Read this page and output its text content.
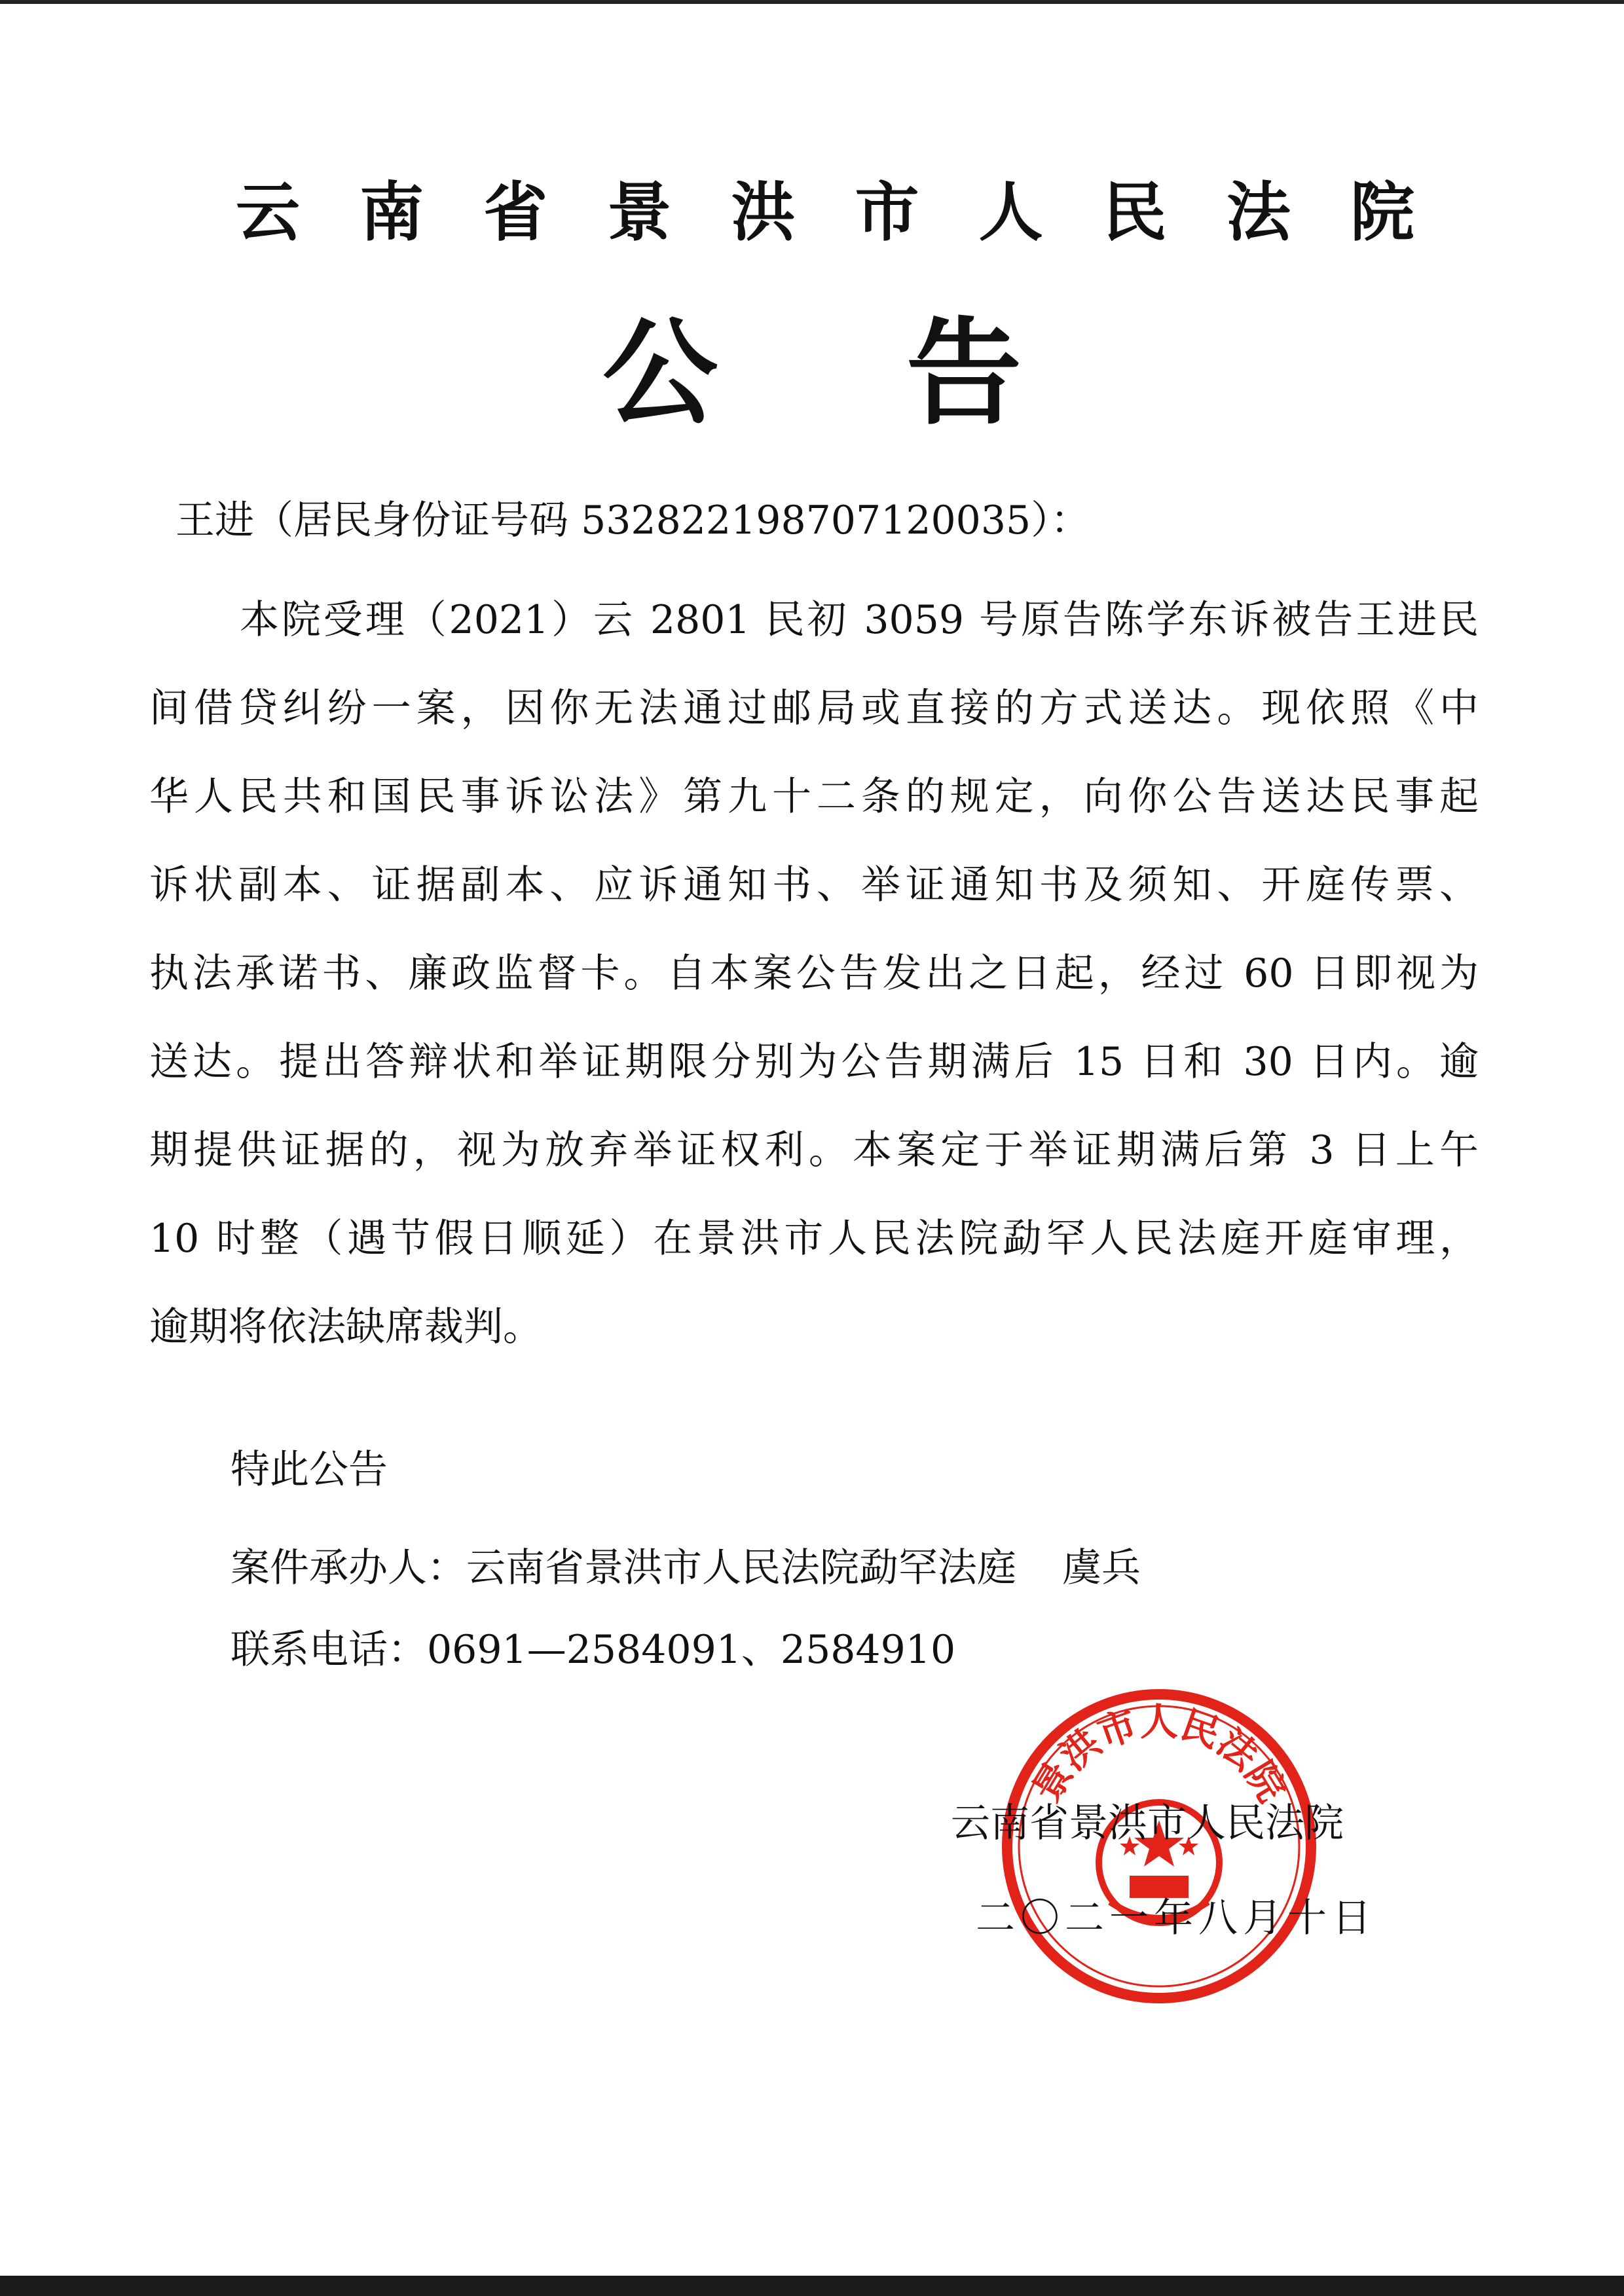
云 南 省 景 洪 市 人 民 法 院
公 告
王进（居民身份证号码 532822198707120035）：
本院受理（2021）云 2801 民初 3059 号原告陈学东诉被告王进民
间借贷纠纷一案，因你无法通过邮局或直接的方式送达。现依照《中
华人民共和国民事诉讼法》第九十二条的规定，向你公告送达民事起
诉状副本、证据副本、应诉通知书、举证通知书及须知、开庭传票、
执法承诺书、廉政监督卡。自本案公告发出之日起，经过 60 日即视为
送达。提出答辩状和举证期限分别为公告期满后 15 日和 30 日内。逾
期提供证据的，视为放弃举证权利。本案定于举证期满后第 3 日上午
10 时整（遇节假日顺延）在景洪市人民法院勐罕人民法庭开庭审理，
逾期将依法缺席裁判。
特此公告
案件承办人：云南省景洪市人民法院勐罕法庭 虞兵
联系电话：0691—2584091、2584910
景洪市人民法院
云南省景洪市人民法院
二〇二一年八月十日
